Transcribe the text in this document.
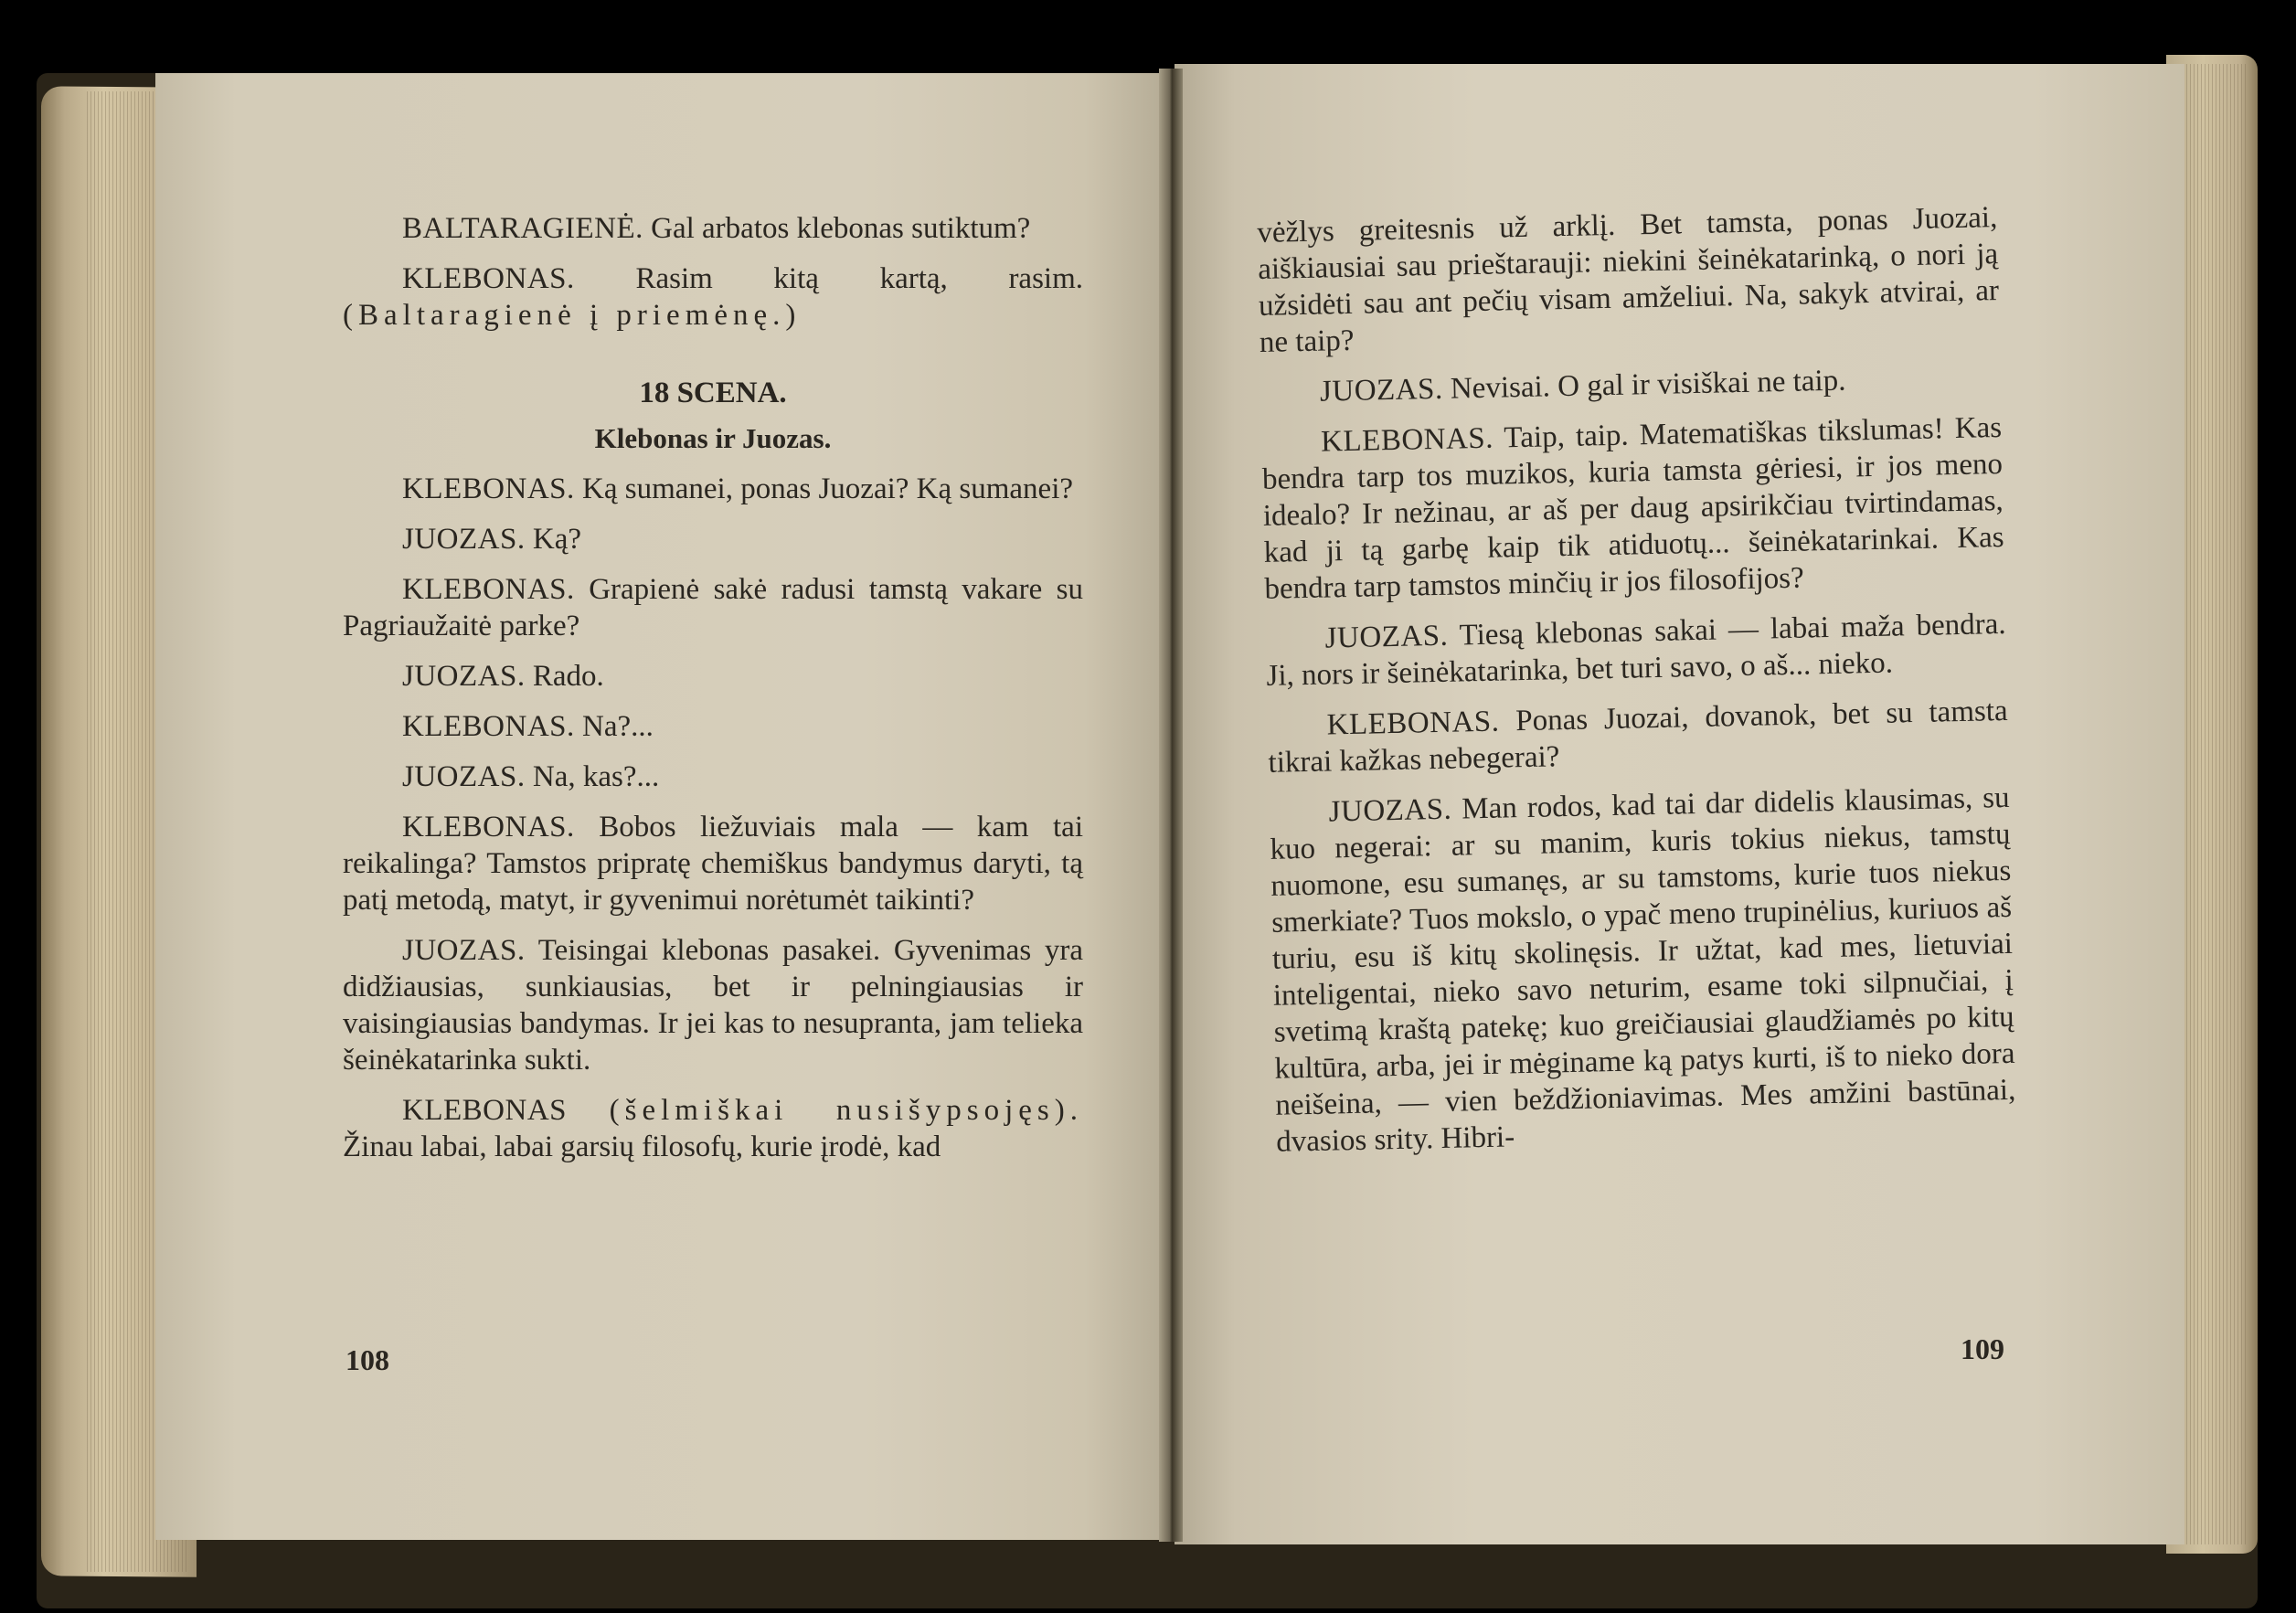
BALTARAGIENĖ. Gal arbatos klebonas sutiktum?

KLEBONAS. Rasim kitą kartą, rasim. (Baltaragienė į priemėnę.)

18 SCENA.
Klebonas ir Juozas.

KLEBONAS. Ką sumanei, ponas Juozai? Ką sumanei?

JUOZAS. Ką?

KLEBONAS. Grapienė sakė radusi tamstą vakare su Pagriaužaitė parke?

JUOZAS. Rado.

KLEBONAS. Na?...

JUOZAS. Na, kas?...

KLEBONAS. Bobos liežuviais mala — kam tai reikalinga? Tamstos pripratę chemiškus bandymus daryti, tą patį metodą, matyt, ir gyvenimui norėtumėt taikinti?

JUOZAS. Teisingai klebonas pasakei. Gyvenimas yra didžiausias, sunkiausias, bet ir pelningiausias ir vaisingiausias bandymas. Ir jei kas to nesupranta, jam telieka šeinėkatarinka sukti.

KLEBONAS (šelmiškai nusišypsojęs). Žinau labai, labai garsių filosofų, kurie įrodė, kad

108

vėžlys greitesnis už arklį. Bet tamsta, ponas Juozai, aiškiausiai sau prieštarauji: niekini šeinėkatarinką, o nori ją užsidėti sau ant pečių visam amželiui. Na, sakyk atvirai, ar ne taip?

JUOZAS. Nevisai. O gal ir visiškai ne taip.

KLEBONAS. Taip, taip. Matematiškas tikslumas! Kas bendra tarp tos muzikos, kuria tamsta gėriesi, ir jos meno idealo? Ir nežinau, ar aš per daug apsirikčiau tvirtindamas, kad ji tą garbę kaip tik atiduotų... šeinėkatarinkai. Kas bendra tarp tamstos minčių ir jos filosofijos?

JUOZAS. Tiesą klebonas sakai — labai maža bendra. Ji, nors ir šeinėkatarinka, bet turi savo, o aš... nieko.

KLEBONAS. Ponas Juozai, dovanok, bet su tamsta tikrai kažkas nebegerai?

JUOZAS. Man rodos, kad tai dar didelis klausimas, su kuo negerai: ar su manim, kuris tokius niekus, tamstų nuomone, esu sumanęs, ar su tamstoms, kurie tuos niekus smerkiate? Tuos mokslo, o ypač meno trupinėlius, kuriuos aš turiu, esu iš kitų skolinęsis. Ir užtat, kad mes, lietuviai inteligentai, nieko savo neturim, esame toki silpnučiai, į svetimą kraštą patekę; kuo greičiausiai glaudžiamės po kitų kultūra, arba, jei ir mėginame ką patys kurti, iš to nieko dora neišeina, — vien beždžioniavimas. Mes amžini bastūnai, dvasios srity. Hibri-

109
